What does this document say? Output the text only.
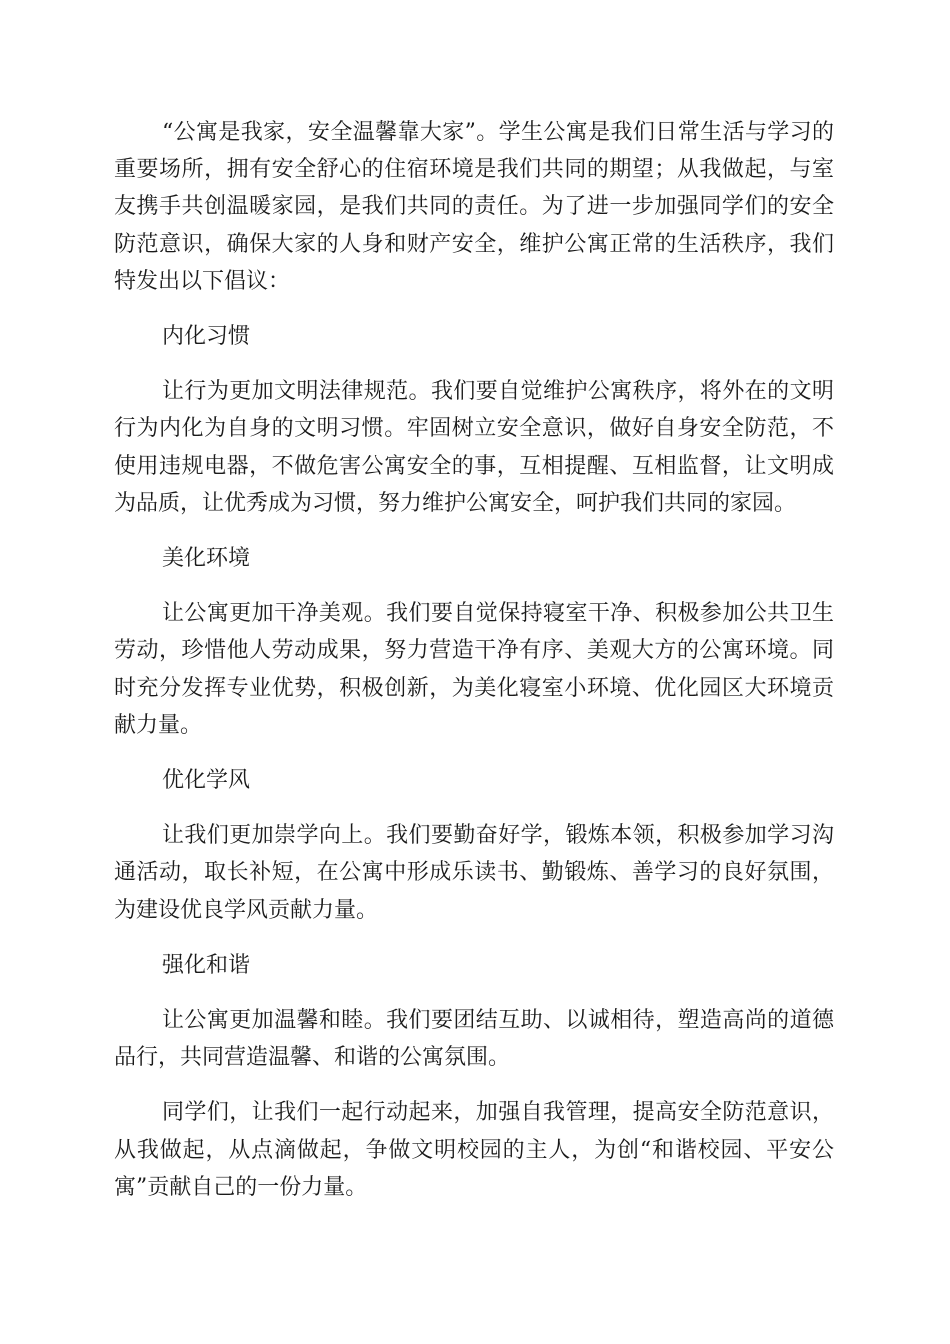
“公寓是我家，安全温馨靠大家”。学生公寓是我们日常生活与学习的重要场所，拥有安全舒心的住宿环境是我们共同的期望；从我做起，与室友携手共创温暖家园，是我们共同的责任。为了进一步加强同学们的安全防范意识，确保大家的人身和财产安全，维护公寓正常的生活秩序，我们特发出以下倡议：

内化习惯

让行为更加文明法律规范。我们要自觉维护公寓秩序，将外在的文明行为内化为自身的文明习惯。牢固树立安全意识，做好自身安全防范，不使用违规电器，不做危害公寓安全的事，互相提醒、互相监督，让文明成为品质，让优秀成为习惯，努力维护公寓安全，呵护我们共同的家园。

美化环境

让公寓更加干净美观。我们要自觉保持寝室干净、积极参加公共卫生劳动，珍惜他人劳动成果，努力营造干净有序、美观大方的公寓环境。同时充分发挥专业优势，积极创新，为美化寝室小环境、优化园区大环境贡献力量。

优化学风

让我们更加崇学向上。我们要勤奋好学，锻炼本领，积极参加学习沟通活动，取长补短，在公寓中形成乐读书、勤锻炼、善学习的良好氛围，为建设优良学风贡献力量。

强化和谐

让公寓更加温馨和睦。我们要团结互助、以诚相待，塑造高尚的道德品行，共同营造温馨、和谐的公寓氛围。

同学们，让我们一起行动起来，加强自我管理，提高安全防范意识，从我做起，从点滴做起，争做文明校园的主人，为创“和谐校园、平安公寓”贡献自己的一份力量。
